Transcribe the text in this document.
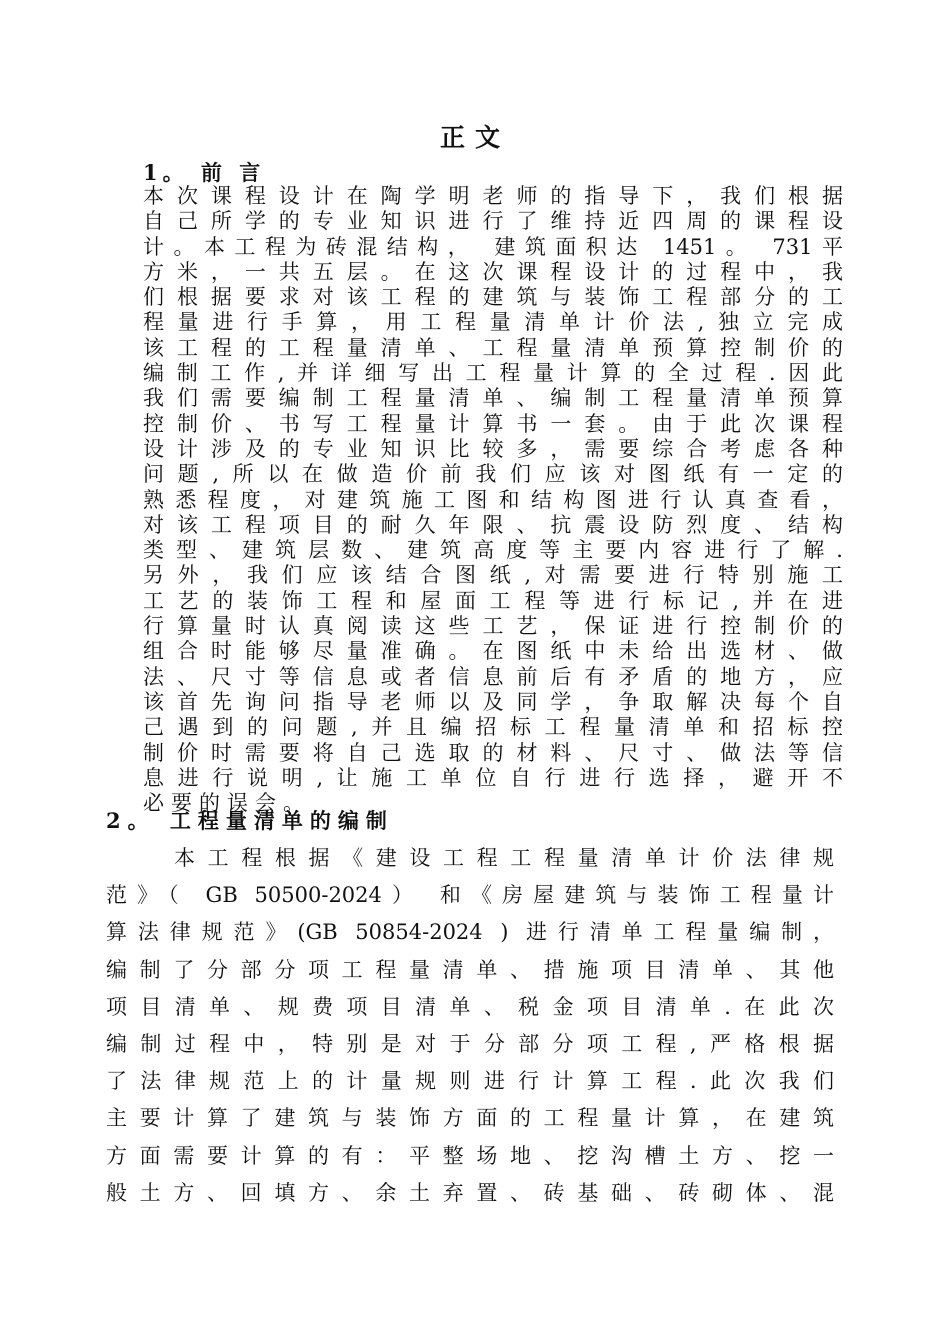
正文
1。 前 言
本次课程设计在陶学明老师的指导下，我们根据
自己所学的专业知识进行了维持近四周的课程设
计。本工程为砖混结构， 建筑面积达 1451。 731平
方米，一共五层。在这次课程设计的过程中，我
们根据要求对该工程的建筑与装饰工程部分的工
程量进行手算，用工程量清单计价法,独立完成
该工程的工程量清单、工程量清单预算控制价的
编制工作,并详细写出工程量计算的全过程.因此
我们需要编制工程量清单、编制工程量清单预算
控制价、书写工程量计算书一套。由于此次课程
设计涉及的专业知识比较多，需要综合考虑各种
问题,所以在做造价前我们应该对图纸有一定的
熟悉程度，对建筑施工图和结构图进行认真查看，
对该工程项目的耐久年限、抗震设防烈度、结构
类型、建筑层数、建筑高度等主要内容进行了解.
另外，我们应该结合图纸,对需要进行特别施工
工艺的装饰工程和屋面工程等进行标记,并在进
行算量时认真阅读这些工艺，保证进行控制价的
组合时能够尽量准确。在图纸中未给出选材、做
法、尺寸等信息或者信息前后有矛盾的地方，应
该首先询问指导老师以及同学，争取解决每个自
己遇到的问题,并且编招标工程量清单和招标控
制价时需要将自己选取的材料、尺寸、做法等信
息进行说明,让施工单位自行进行选择，避开不
必要的误会。
2。 工程量清单的编制
本工程根据《建设工程工程量清单计价法律规
范》（ GB 50500-2024） 和《房屋建筑与装饰工程量计
算法律规范》(GB 50854-2024 ) 进行清单工程量编制，
编制了分部分项工程量清单、措施项目清单、其他
项目清单、规费项目清单、税金项目清单.在此次
编制过程中，特别是对于分部分项工程,严格根据
了法律规范上的计量规则进行计算工程.此次我们
主要计算了建筑与装饰方面的工程量计算，在建筑
方面需要计算的有：平整场地、挖沟槽土方、挖一
般土方、回填方、余土弃置、砖基础、砖砌体、混
